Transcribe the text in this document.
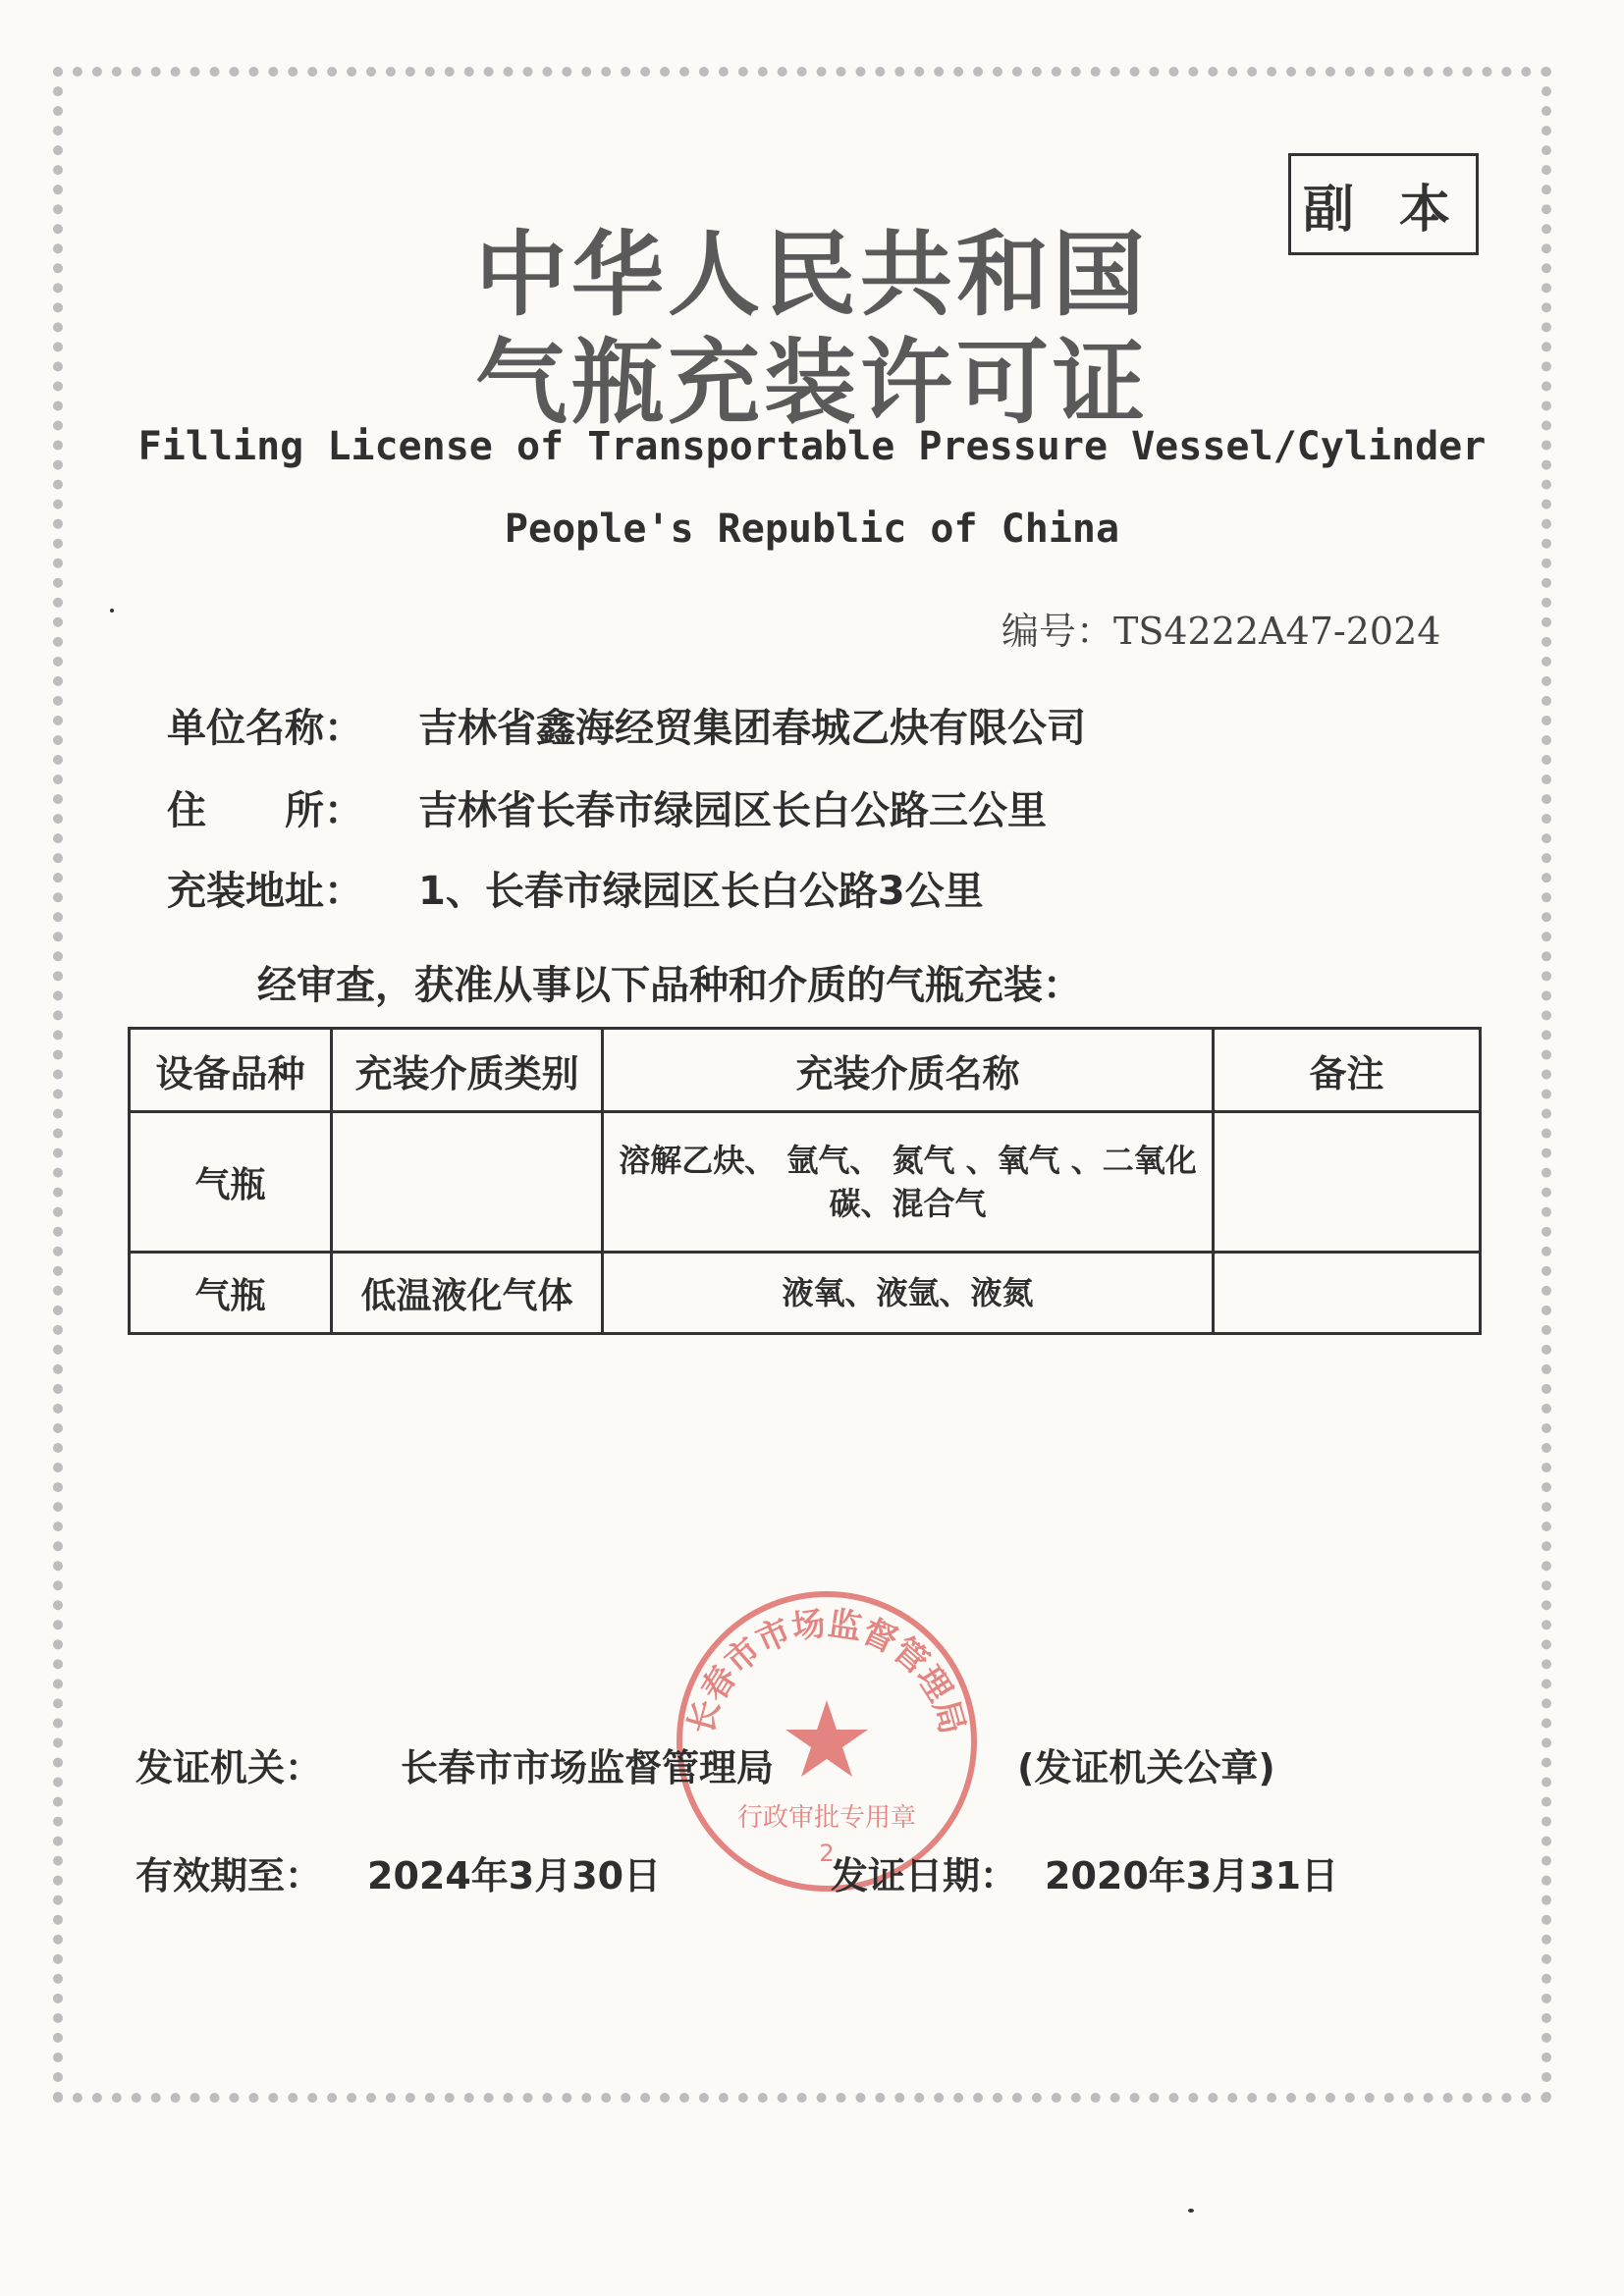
副 本
中华人民共和国
气瓶充装许可证
Filling License of Transportable Pressure Vessel/Cylinder
People's Republic of China
编号：TS4222A47-2024
单位名称： 吉林省鑫海经贸集团春城乙炔有限公司
住　　所： 吉林省长春市绿园区长白公路三公里
充装地址： 1、长春市绿园区长白公路3公里
经审查，获准从事以下品种和介质的气瓶充装：
设备品种	充装介质类别	充装介质名称	备注
气瓶		溶解乙炔、 氩气、 氮气 、氧气 、二氧化碳、混合气	
气瓶	低温液化气体	液氧、液氩、液氮	
长春市市场监督管理局
行政审批专用章
2
发证机关： 长春市市场监督管理局	(发证机关公章)
有效期至： 2024年3月30日	发证日期： 2020年3月31日
